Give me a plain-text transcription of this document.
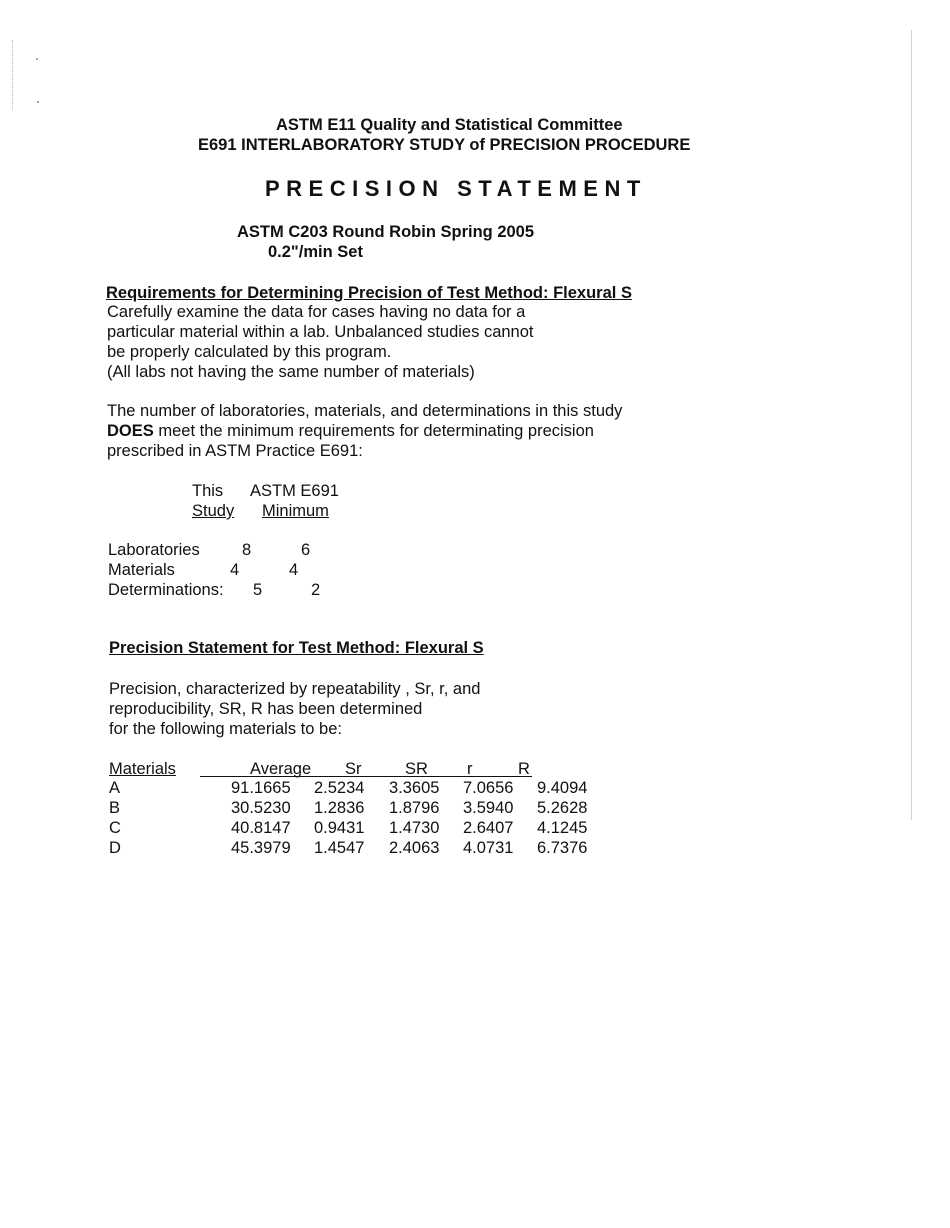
ASTM E11 Quality and Statistical Committee
E691 INTERLABORATORY STUDY of PRECISION PROCEDURE
PRECISION STATEMENT
ASTM C203 Round Robin Spring 2005
0.2"/min Set
Requirements for Determining Precision of Test Method: Flexural S
Carefully examine the data for cases having no data for a
particular material within a lab. Unbalanced studies cannot
be properly calculated by this program.
(All labs not having the same number of materials)
The number of laboratories, materials, and determinations in this study
DOES meet the minimum requirements for determinating precision
prescribed in ASTM Practice E691:
This ASTM E691
Study Minimum
Laboratories	8	6
Materials	4	4
Determinations: 5	2
Precision Statement for Test Method: Flexural S
Precision, characterized by repeatability , Sr, r, and
reproducibility, SR, R has been determined
for the following materials to be:
Materials	Average Sr	SR r	R
A	91.1665 2.5234 3.3605 7.0656 9.4094
B	30.5230 1.2836 1.8796 3.5940 5.2628
C	40.8147 0.9431 1.4730 2.6407 4.1245
D	45.3979 1.4547 2.4063 4.0731 6.7376
